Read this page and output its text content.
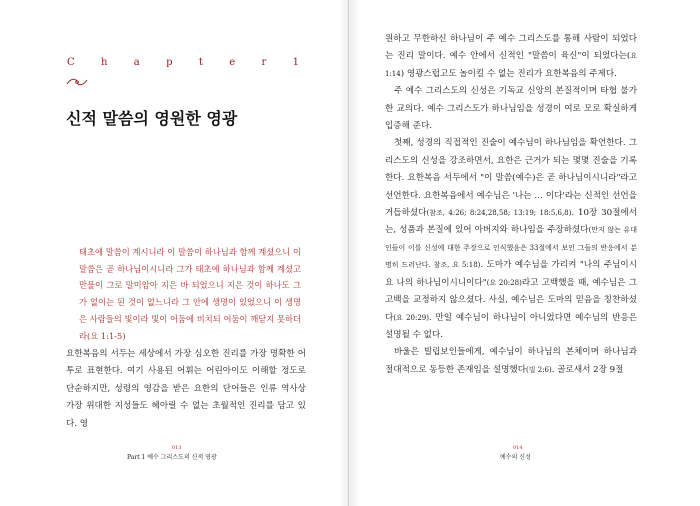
C	h	a	p	t	e	r	1
신적 말씀의 영원한 영광

태초에 말씀이 계시니라 이 말씀이 하나님과 함께 계셨으니 이 말씀은 곧 하나님이시니라 그가 태초에 하나님과 함께 계셨고 만물이 그로 말미암아 지은 바 되었으니 지은 것이 하나도 그가 없이는 된 것이 없느니라 그 안에 생명이 있었으니 이 생명은 사람들의 빛이라 빛이 어둠에 비치되 어둠이 깨닫지 못하더라(요 1:1-5)

요한복음의 서두는 세상에서 가장 심오한 진리를 가장 명확한 어투로 표현한다. 여기 사용된 어휘는 어린아이도 이해할 정도로 단순하지만, 성령의 영감을 받은 요한의 단어들은 인류 역사상 가장 위대한 지성들도 헤아릴 수 없는 초월적인 진리를 담고 있다. 영

013
Part 1 예수 그리스도의 신적 영광

원하고 무한하신 하나님이 주 예수 그리스도를 통해 사람이 되었다는 진리 말이다. 예수 안에서 신적인 "말씀이 육신"이 되었다는(요 1:14) 영광스럽고도 놀이킬 수 없는 진리가 요한복음의 주제다.

주 예수 그리스도의 신성은 기독교 신앙의 본질적이며 타협 불가한 교의다. 예수 그리스도가 하나님임을 성경이 여로 모로 확실하게 입증해 준다.

첫째, 성경의 직접적인 진술이 예수님이 하나님임을 확언한다. 그리스도의 신성을 강조하면서, 요한은 근거가 되는 몇몇 진술을 기록한다. 요한복음 서두에서 "이 말씀(예수)은 곧 하나님이시니라"라고 선언한다. 요한복음에서 예수님은 '나는 … 이다'라는 신적인 선언을 거듭하셨다(참조, 4:26; 8:24,28,58; 13:19; 18:5,6,8). 10장 30절에서는, 성품과 본질에 있어 아버지와 하나임을 주장하셨다(만지 않는 유대인들이 이를 신성에 대한 주장으로 인식했음은 33절에서 보인 그들의 반응에서 분명히 드러난다. 참조, 요 5:18). 도마가 예수님을 가리켜 "나의 주님이시요 나의 하나님이시니이다"(요 20:28)라고 고백했을 때, 예수님은 그 고백을 교정하지 않으셨다. 사실, 예수님은 도마의 믿음을 칭찬하셨다(요 20:29). 만일 예수님이 하나님이 아니었다면 예수님의 반응은 설명될 수 없다.

바울은 빌립보인들에게, 예수님이 하나님의 본체이며 하나님과 절대적으로 동등한 존재임을 설명했다(빌 2:6). 골로새서 2장 9절

014
예수의 신성
